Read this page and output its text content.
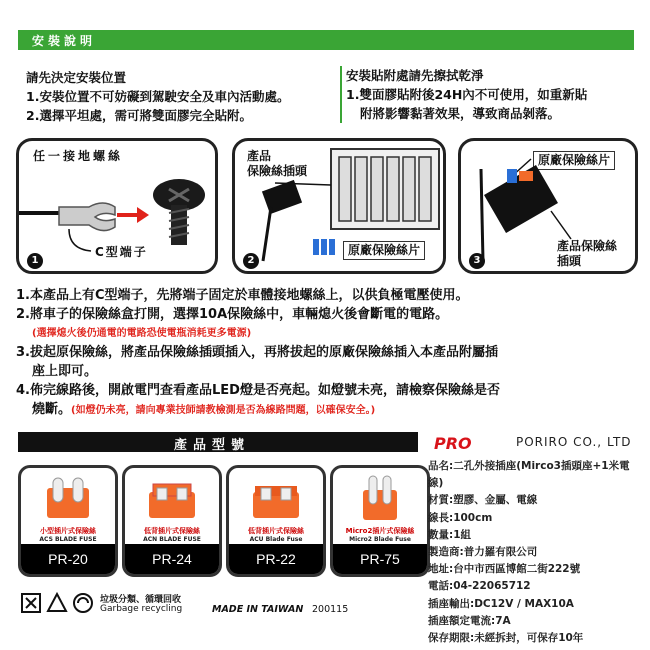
安裝說明
請先決定安裝位置
1.安裝位置不可妨礙到駕駛安全及車內活動處。
2.選擇平坦處，需可將雙面膠完全貼附。
安裝貼附處請先擦拭乾淨
1.雙面膠貼附後24H內不可使用，如重新貼
附將影響黏著效果，導致商品剝落。
任一接地螺絲
C型端子
1
產品
保險絲插頭
原廠保險絲片
2
原廠保險絲片
產品保險絲
插頭
3
1.本產品上有C型端子，先將端子固定於車體接地螺絲上，以供負極電壓使用。
2.將車子的保險絲盒打開，選擇10A保險絲中，車輛熄火後會斷電的電路。
(選擇熄火後仍通電的電路恐使電瓶消耗更多電源)
3.拔起原保險絲，將產品保險絲插頭插入，再將拔起的原廠保險絲插入本產品附屬插
座上即可。
4.佈完線路後，開啟電門查看產品LED燈是否亮起。如燈號未亮，請檢察保險絲是否
燒斷。(如燈仍未亮，請向專業技師請教檢測是否為線路問題，以確保安全。)
產品型號	PRO	PORIRO CO., LTD
小型插片式保險絲
ACS BLADE FUSE
PR-20
低背插片式保險絲
ACN BLADE FUSE
PR-24
低背插片式保險絲
ACU Blade Fuse
PR-22
Micro2插片式保險絲
Micro2 Blade Fuse
PR-75
品名:二孔外接插座(Mirco3插頭座+1米電線)
材質:塑膠、金屬、電線
線長:100cm
數量:1組
製造商:普力羅有限公司
地址:台中市西區博館二街222號
電話:04-22065712
插座輸出:DC12V / MAX10A
插座額定電流:7A
保存期限:未經拆封，可保存10年
垃圾分類、循環回收
Garbage recycling	MADE IN TAIWAN 200115
